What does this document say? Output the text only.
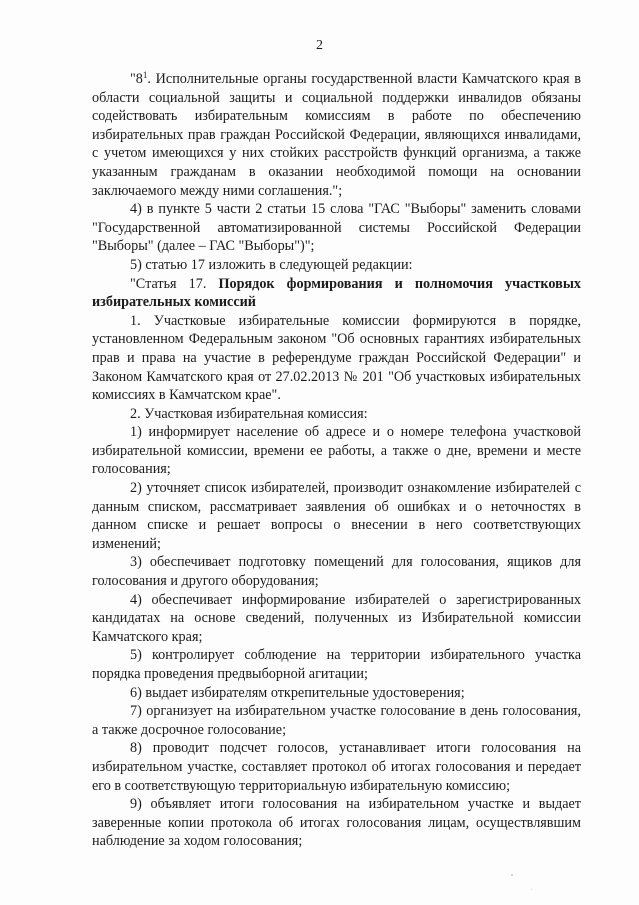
2

"$8^1$. Исполнительные органы государственной власти Камчатского края в области социальной защиты и социальной поддержки инвалидов обязаны содействовать избирательным комиссиям в работе по обеспечению избирательных прав граждан Российской Федерации, являющихся инвалидами, с учетом имеющихся у них стойких расстройств функций организма, а также указанным гражданам в оказании необходимой помощи на основании заключаемого между ними соглашения.";

4) в пункте 5 части 2 статьи 15 слова "ГАС "Выборы" заменить словами "Государственной автоматизированной системы Российской Федерации "Выборы" (далее – ГАС "Выборы")";

5) статью 17 изложить в следующей редакции:

"Статья 17. Порядок формирования и полномочия участковых избирательных комиссий

1. Участковые избирательные комиссии формируются в порядке, установленном Федеральным законом "Об основных гарантиях избирательных прав и права на участие в референдуме граждан Российской Федерации" и Законом Камчатского края от 27.02.2013 № 201 "Об участковых избирательных комиссиях в Камчатском крае".

2. Участковая избирательная комиссия:

1) информирует население об адресе и о номере телефона участковой избирательной комиссии, времени ее работы, а также о дне, времени и месте голосования;

2) уточняет список избирателей, производит ознакомление избирателей с данным списком, рассматривает заявления об ошибках и о неточностях в данном списке и решает вопросы о внесении в него соответствующих изменений;

3) обеспечивает подготовку помещений для голосования, ящиков для голосования и другого оборудования;

4) обеспечивает информирование избирателей о зарегистрированных кандидатах на основе сведений, полученных из Избирательной комиссии Камчатского края;

5) контролирует соблюдение на территории избирательного участка порядка проведения предвыборной агитации;

6) выдает избирателям открепительные удостоверения;

7) организует на избирательном участке голосование в день голосования, а также досрочное голосование;

8) проводит подсчет голосов, устанавливает итоги голосования на избирательном участке, составляет протокол об итогах голосования и передает его в соответствующую территориальную избирательную комиссию;

9) объявляет итоги голосования на избирательном участке и выдает заверенные копии протокола об итогах голосования лицам, осуществлявшим наблюдение за ходом голосования;
